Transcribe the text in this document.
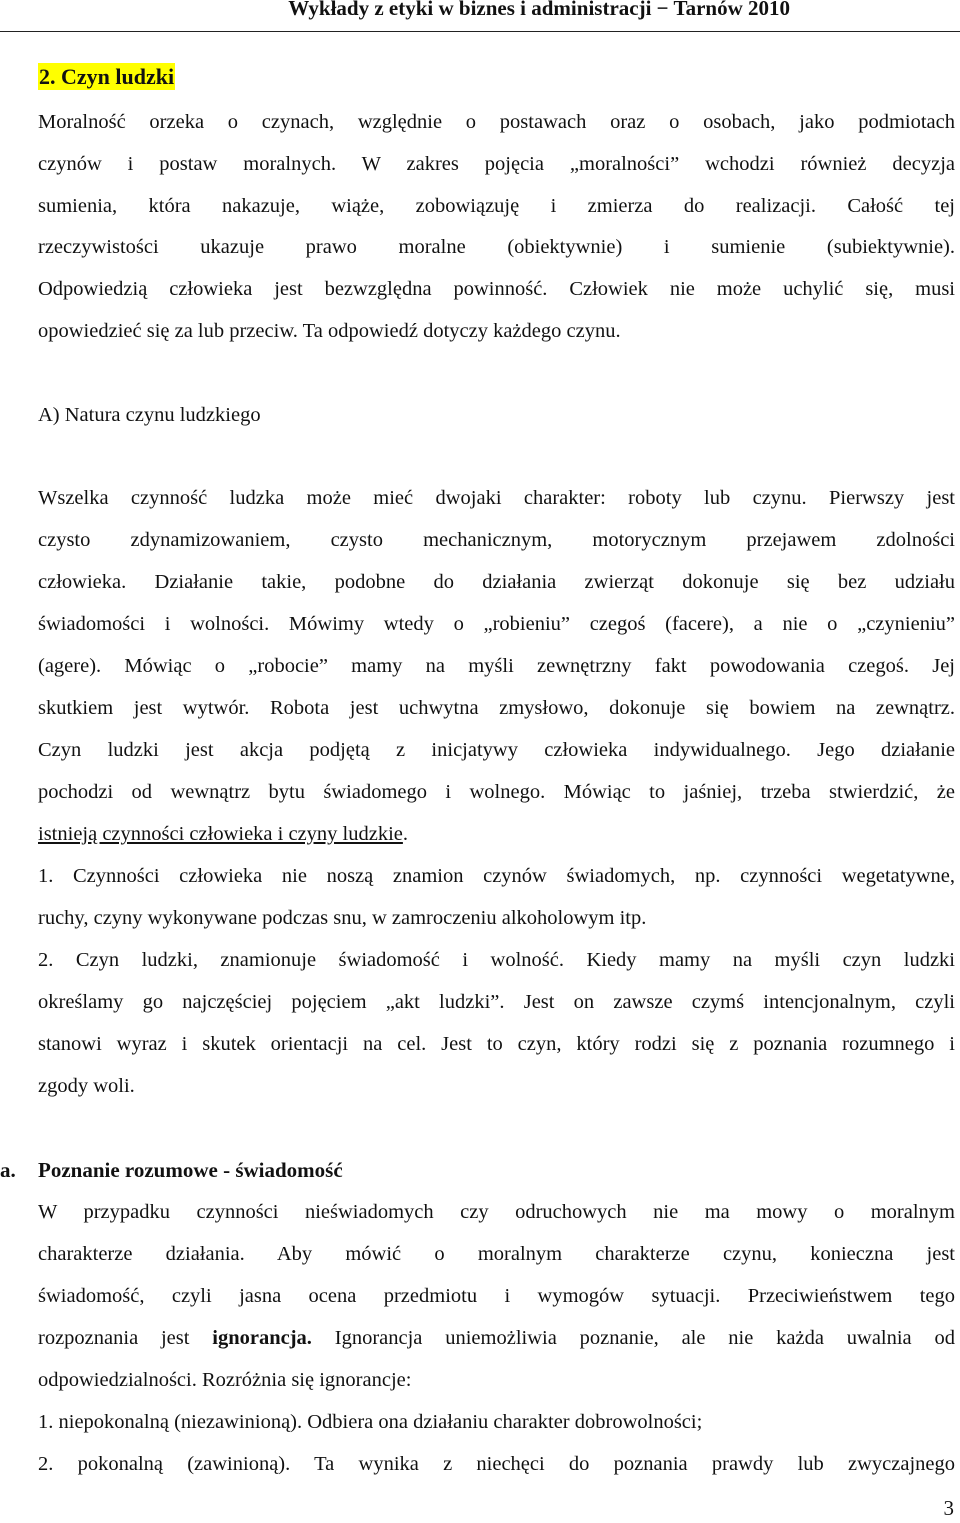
Wykłady z etyki w biznes i administracji − Tarnów 2010

2. Czyn ludzki

Moralność orzeka o czynach, względnie o postawach oraz o osobach, jako podmiotach

czynów i postaw moralnych. W zakres pojęcia „moralności” wchodzi również decyzja

sumienia, która nakazuje, wiąże, zobowiązuję i zmierza do realizacji. Całość tej

rzeczywistości ukazuje prawo moralne (obiektywnie) i sumienie (subiektywnie).

Odpowiedzią człowieka jest bezwzględna powinność. Człowiek nie może uchylić się, musi

opowiedzieć się za lub przeciw. Ta odpowiedź dotyczy każdego czynu.

A) Natura czynu ludzkiego

Wszelka czynność ludzka może mieć dwojaki charakter: roboty lub czynu. Pierwszy jest

czysto zdynamizowaniem, czysto mechanicznym, motorycznym przejawem zdolności

człowieka. Działanie takie, podobne do działania zwierząt dokonuje się bez udziału

świadomości i wolności. Mówimy wtedy o „robieniu” czegoś (facere), a nie o „czynieniu”

(agere). Mówiąc o „robocie” mamy na myśli zewnętrzny fakt powodowania czegoś. Jej

skutkiem jest wytwór. Robota jest uchwytna zmysłowo, dokonuje się bowiem na zewnątrz.

Czyn ludzki jest akcja podjętą z inicjatywy człowieka indywidualnego. Jego działanie

pochodzi od wewnątrz bytu świadomego i wolnego. Mówiąc to jaśniej, trzeba stwierdzić, że

istnieją czynności człowieka i czyny ludzkie.

1. Czynności człowieka nie noszą znamion czynów świadomych, np. czynności wegetatywne,

ruchy, czyny wykonywane podczas snu, w zamroczeniu alkoholowym itp.

2. Czyn ludzki, znamionuje świadomość i wolność. Kiedy mamy na myśli czyn ludzki

określamy go najczęściej pojęciem „akt ludzki”. Jest on zawsze czymś intencjonalnym, czyli

stanowi wyraz i skutek orientacji na cel. Jest to czyn, który rodzi się z poznania rozumnego i

zgody woli.

a. Poznanie rozumowe - świadomość

W przypadku czynności nieświadomych czy odruchowych nie ma mowy o moralnym

charakterze działania. Aby mówić o moralnym charakterze czynu, konieczna jest

świadomość, czyli jasna ocena przedmiotu i wymogów sytuacji. Przeciwieństwem tego

rozpoznania jest ignorancja. Ignorancja uniemożliwia poznanie, ale nie każda uwalnia od

odpowiedzialności. Rozróżnia się ignorancje:

1. niepokonalną (niezawinioną). Odbiera ona działaniu charakter dobrowolności;

2. pokonalną (zawinioną). Ta wynika z niechęci do poznania prawdy lub zwyczajnego

3
